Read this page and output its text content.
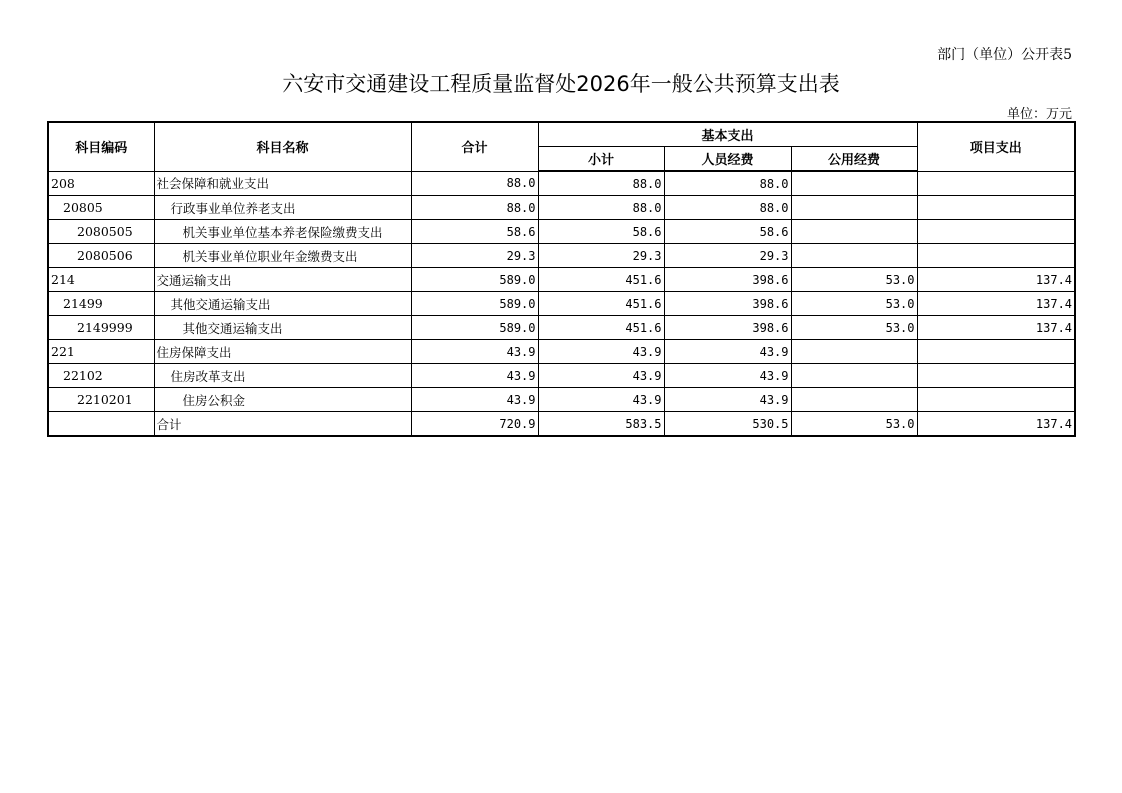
部门（单位）公开表5
六安市交通建设工程质量监督处2026年一般公共预算支出表
单位：万元
科目编码	科目名称	合计	基本支出			项目支出
			小计	人员经费	公用经费	
208	社会保障和就业支出	88.0	88.0	88.0		
20805	行政事业单位养老支出	88.0	88.0	88.0		
2080505	机关事业单位基本养老保险缴费支出	58.6	58.6	58.6		
2080506	机关事业单位职业年金缴费支出	29.3	29.3	29.3		
214	交通运输支出	589.0	451.6	398.6	53.0	137.4
21499	其他交通运输支出	589.0	451.6	398.6	53.0	137.4
2149999	其他交通运输支出	589.0	451.6	398.6	53.0	137.4
221	住房保障支出	43.9	43.9	43.9		
22102	住房改革支出	43.9	43.9	43.9		
2210201	住房公积金	43.9	43.9	43.9		
	合计	720.9	583.5	530.5	53.0	137.4
